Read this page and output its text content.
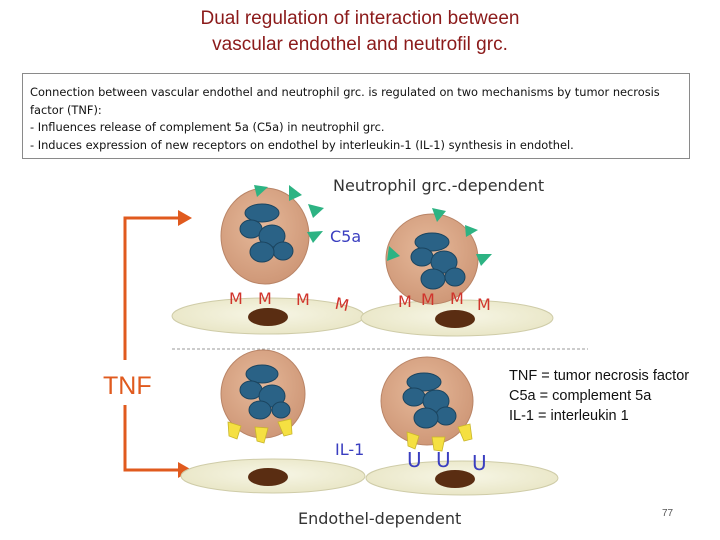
Dual regulation of interaction between
vascular endothel and neutrofil grc.
Connection between vascular endothel and neutrophil grc. is regulated on two mechanisms by tumor necrosis factor (TNF):
- Influences release of complement 5a (C5a) in neutrophil grc.
- Induces expression of new receptors on endothel by interleukin-1 (IL-1) synthesis in endothel.
TNF
Neutrophil grc.-dependent
Endothel-dependent
C5a
M M M M	M M M M
IL-1 U U U
TNF = tumor necrosis factor
C5a = complement 5a
IL-1 = interleukin 1
77
